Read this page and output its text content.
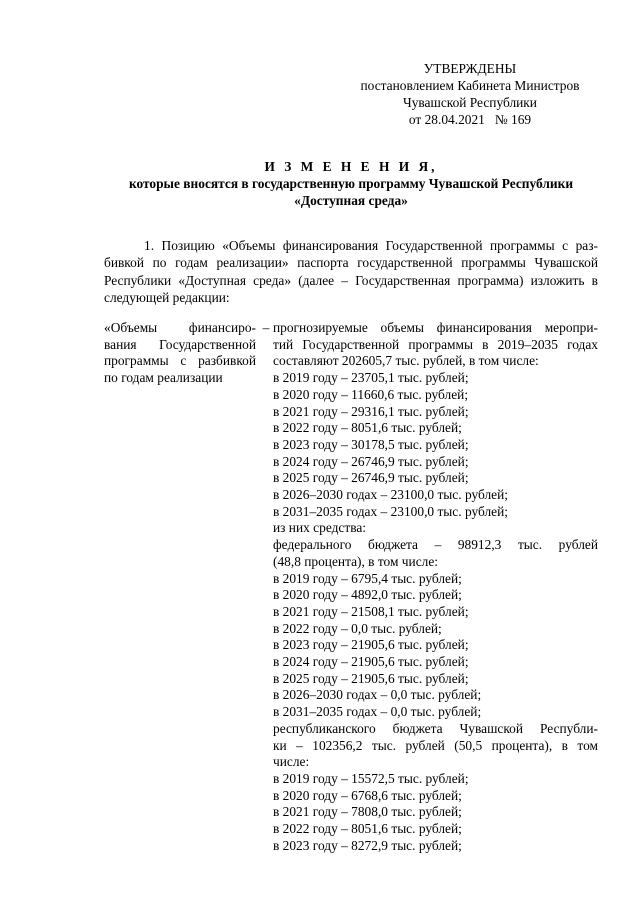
УТВЕРЖДЕНЫ
постановлением Кабинета Министров
Чувашской Республики
от 28.04.2021   № 169
И З М Е Н Е Н И Я,
которые вносятся в государственную программу Чувашской Республики
«Доступная среда»
1. Позицию «Объемы финансирования Государственной программы с раз-
бивкой по годам реализации» паспорта государственной программы Чувашской
Республики «Доступная среда» (далее – Государственная программа) изложить в
следующей редакции:
«Объемы финансиро-
вания Государственной
программы с разбивкой
по годам реализации
– прогнозируемые объемы финансирования меропри-
тий Государственной программы в 2019–2035 годах
составляют 202605,7 тыс. рублей, в том числе:
в 2019 году – 23705,1 тыс. рублей;
в 2020 году – 11660,6 тыс. рублей;
в 2021 году – 29316,1 тыс. рублей;
в 2022 году – 8051,6 тыс. рублей;
в 2023 году – 30178,5 тыс. рублей;
в 2024 году – 26746,9 тыс. рублей;
в 2025 году – 26746,9 тыс. рублей;
в 2026–2030 годах – 23100,0 тыс. рублей;
в 2031–2035 годах – 23100,0 тыс. рублей;
из них средства:
федерального бюджета – 98912,3 тыс. рублей
(48,8 процента), в том числе:
в 2019 году – 6795,4 тыс. рублей;
в 2020 году – 4892,0 тыс. рублей;
в 2021 году – 21508,1 тыс. рублей;
в 2022 году – 0,0 тыс. рублей;
в 2023 году – 21905,6 тыс. рублей;
в 2024 году – 21905,6 тыс. рублей;
в 2025 году – 21905,6 тыс. рублей;
в 2026–2030 годах – 0,0 тыс. рублей;
в 2031–2035 годах – 0,0 тыс. рублей;
республиканского бюджета Чувашской Республи-
ки – 102356,2 тыс. рублей (50,5 процента), в том
числе:
в 2019 году – 15572,5 тыс. рублей;
в 2020 году – 6768,6 тыс. рублей;
в 2021 году – 7808,0 тыс. рублей;
в 2022 году – 8051,6 тыс. рублей;
в 2023 году – 8272,9 тыс. рублей;
